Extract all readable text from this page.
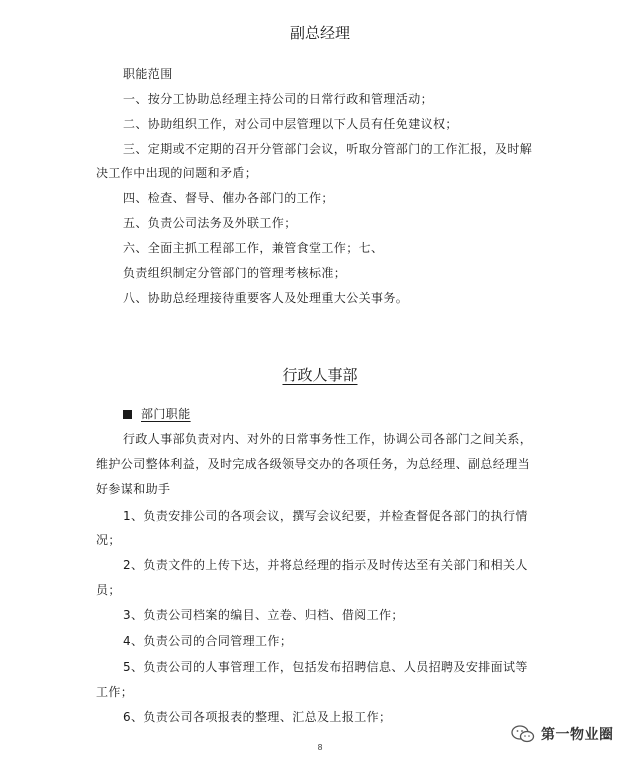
副总经理
职能范围
一、按分工协助总经理主持公司的日常行政和管理活动；
二、协助组织工作，对公司中层管理以下人员有任免建议权；
三、定期或不定期的召开分管部门会议，听取分管部门的工作汇报，及时解
决工作中出现的问题和矛盾；
四、检查、督导、催办各部门的工作；
五、负责公司法务及外联工作；
六、全面主抓工程部工作，兼管食堂工作；七、
负责组织制定分管部门的管理考核标准；
八、协助总经理接待重要客人及处理重大公关事务。
行政人事部
部门职能
行政人事部负责对内、对外的日常事务性工作，协调公司各部门之间关系，
维护公司整体利益，及时完成各级领导交办的各项任务，为总经理、副总经理当
好参谋和助手
1、负责安排公司的各项会议，撰写会议纪要，并检查督促各部门的执行情
况；
2、负责文件的上传下达，并将总经理的指示及时传达至有关部门和相关人
员；
3、负责公司档案的编目、立卷、归档、借阅工作；
4、负责公司的合同管理工作；
5、负责公司的人事管理工作，包括发布招聘信息、人员招聘及安排面试等
工作；
6、负责公司各项报表的整理、汇总及上报工作；
8
第一物业圈
